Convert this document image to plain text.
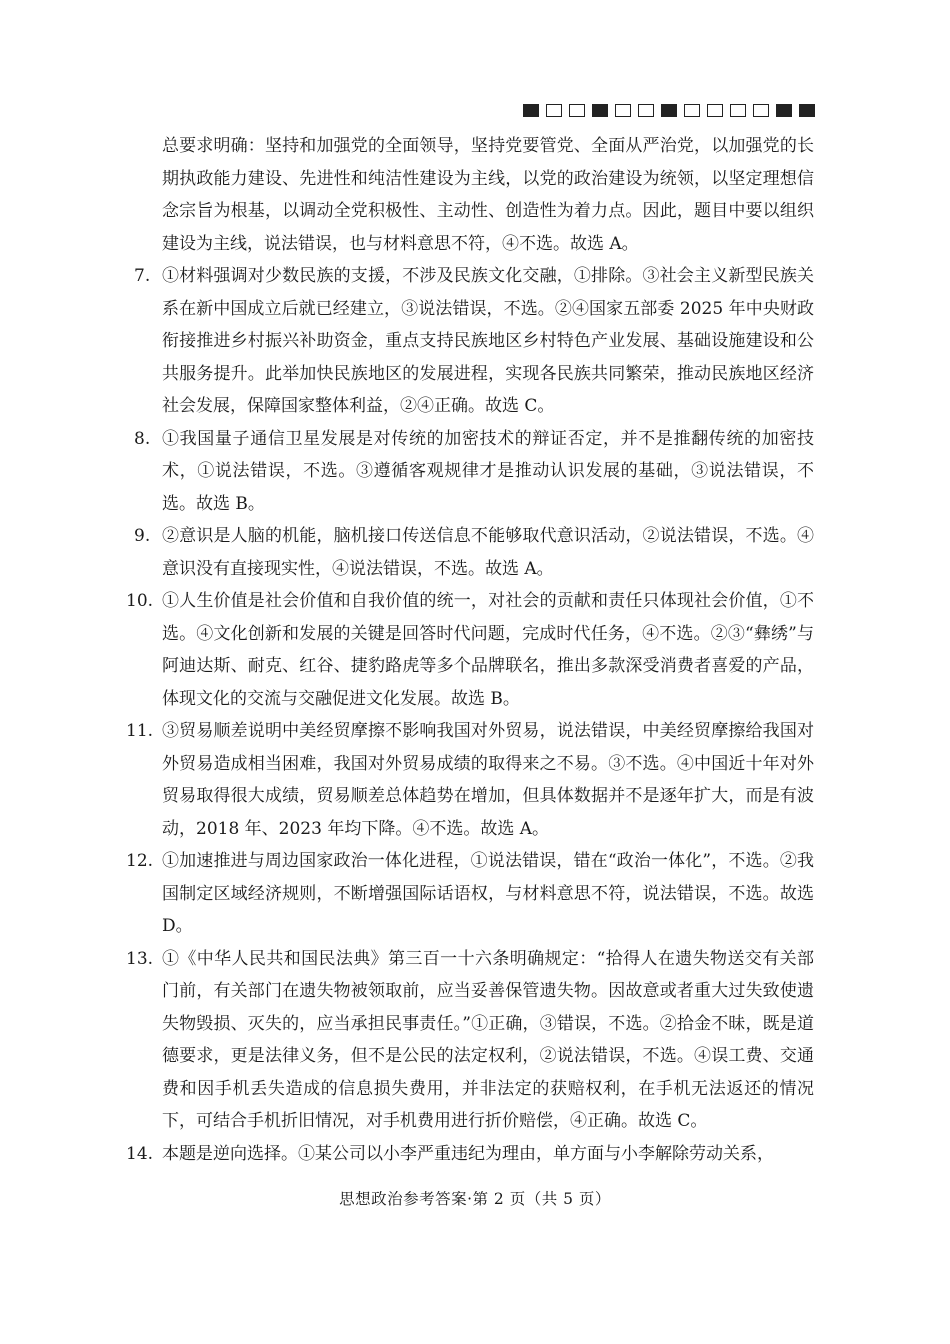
总要求明确：坚持和加强党的全面领导，坚持党要管党、全面从严治党，以加强党的长期执政能力建设、先进性和纯洁性建设为主线，以党的政治建设为统领，以坚定理想信念宗旨为根基，以调动全党积极性、主动性、创造性为着力点。因此，题目中要以组织建设为主线，说法错误，也与材料意思不符，④不选。故选 A。
7. ①材料强调对少数民族的支援，不涉及民族文化交融，①排除。③社会主义新型民族关系在新中国成立后就已经建立，③说法错误，不选。②④国家五部委 2025 年中央财政衔接推进乡村振兴补助资金，重点支持民族地区乡村特色产业发展、基础设施建设和公共服务提升。此举加快民族地区的发展进程，实现各民族共同繁荣，推动民族地区经济社会发展，保障国家整体利益，②④正确。故选 C。
8. ①我国量子通信卫星发展是对传统的加密技术的辩证否定，并不是推翻传统的加密技术，①说法错误，不选。③遵循客观规律才是推动认识发展的基础，③说法错误，不选。故选 B。
9. ②意识是人脑的机能，脑机接口传送信息不能够取代意识活动，②说法错误，不选。④意识没有直接现实性，④说法错误，不选。故选 A。
10. ①人生价值是社会价值和自我价值的统一，对社会的贡献和责任只体现社会价值，①不选。④文化创新和发展的关键是回答时代问题，完成时代任务，④不选。②③“彝绣”与阿迪达斯、耐克、红谷、捷豹路虎等多个品牌联名，推出多款深受消费者喜爱的产品，体现文化的交流与交融促进文化发展。故选 B。
11. ③贸易顺差说明中美经贸摩擦不影响我国对外贸易，说法错误，中美经贸摩擦给我国对外贸易造成相当困难，我国对外贸易成绩的取得来之不易。③不选。④中国近十年对外贸易取得很大成绩，贸易顺差总体趋势在增加，但具体数据并不是逐年扩大，而是有波动，2018 年、2023 年均下降。④不选。故选 A。
12. ①加速推进与周边国家政治一体化进程，①说法错误，错在“政治一体化”，不选。②我国制定区域经济规则，不断增强国际话语权，与材料意思不符，说法错误，不选。故选 D。
13. ①《中华人民共和国民法典》第三百一十六条明确规定：“拾得人在遗失物送交有关部门前，有关部门在遗失物被领取前，应当妥善保管遗失物。因故意或者重大过失致使遗失物毁损、灭失的，应当承担民事责任。”①正确，③错误，不选。②拾金不昧，既是道德要求，更是法律义务，但不是公民的法定权利，②说法错误，不选。④误工费、交通费和因手机丢失造成的信息损失费用，并非法定的获赔权利，在手机无法返还的情况下，可结合手机折旧情况，对手机费用进行折价赔偿，④正确。故选 C。
14. 本题是逆向选择。①某公司以小李严重违纪为理由，单方面与小李解除劳动关系，
思想政治参考答案·第 2 页（共 5 页）
